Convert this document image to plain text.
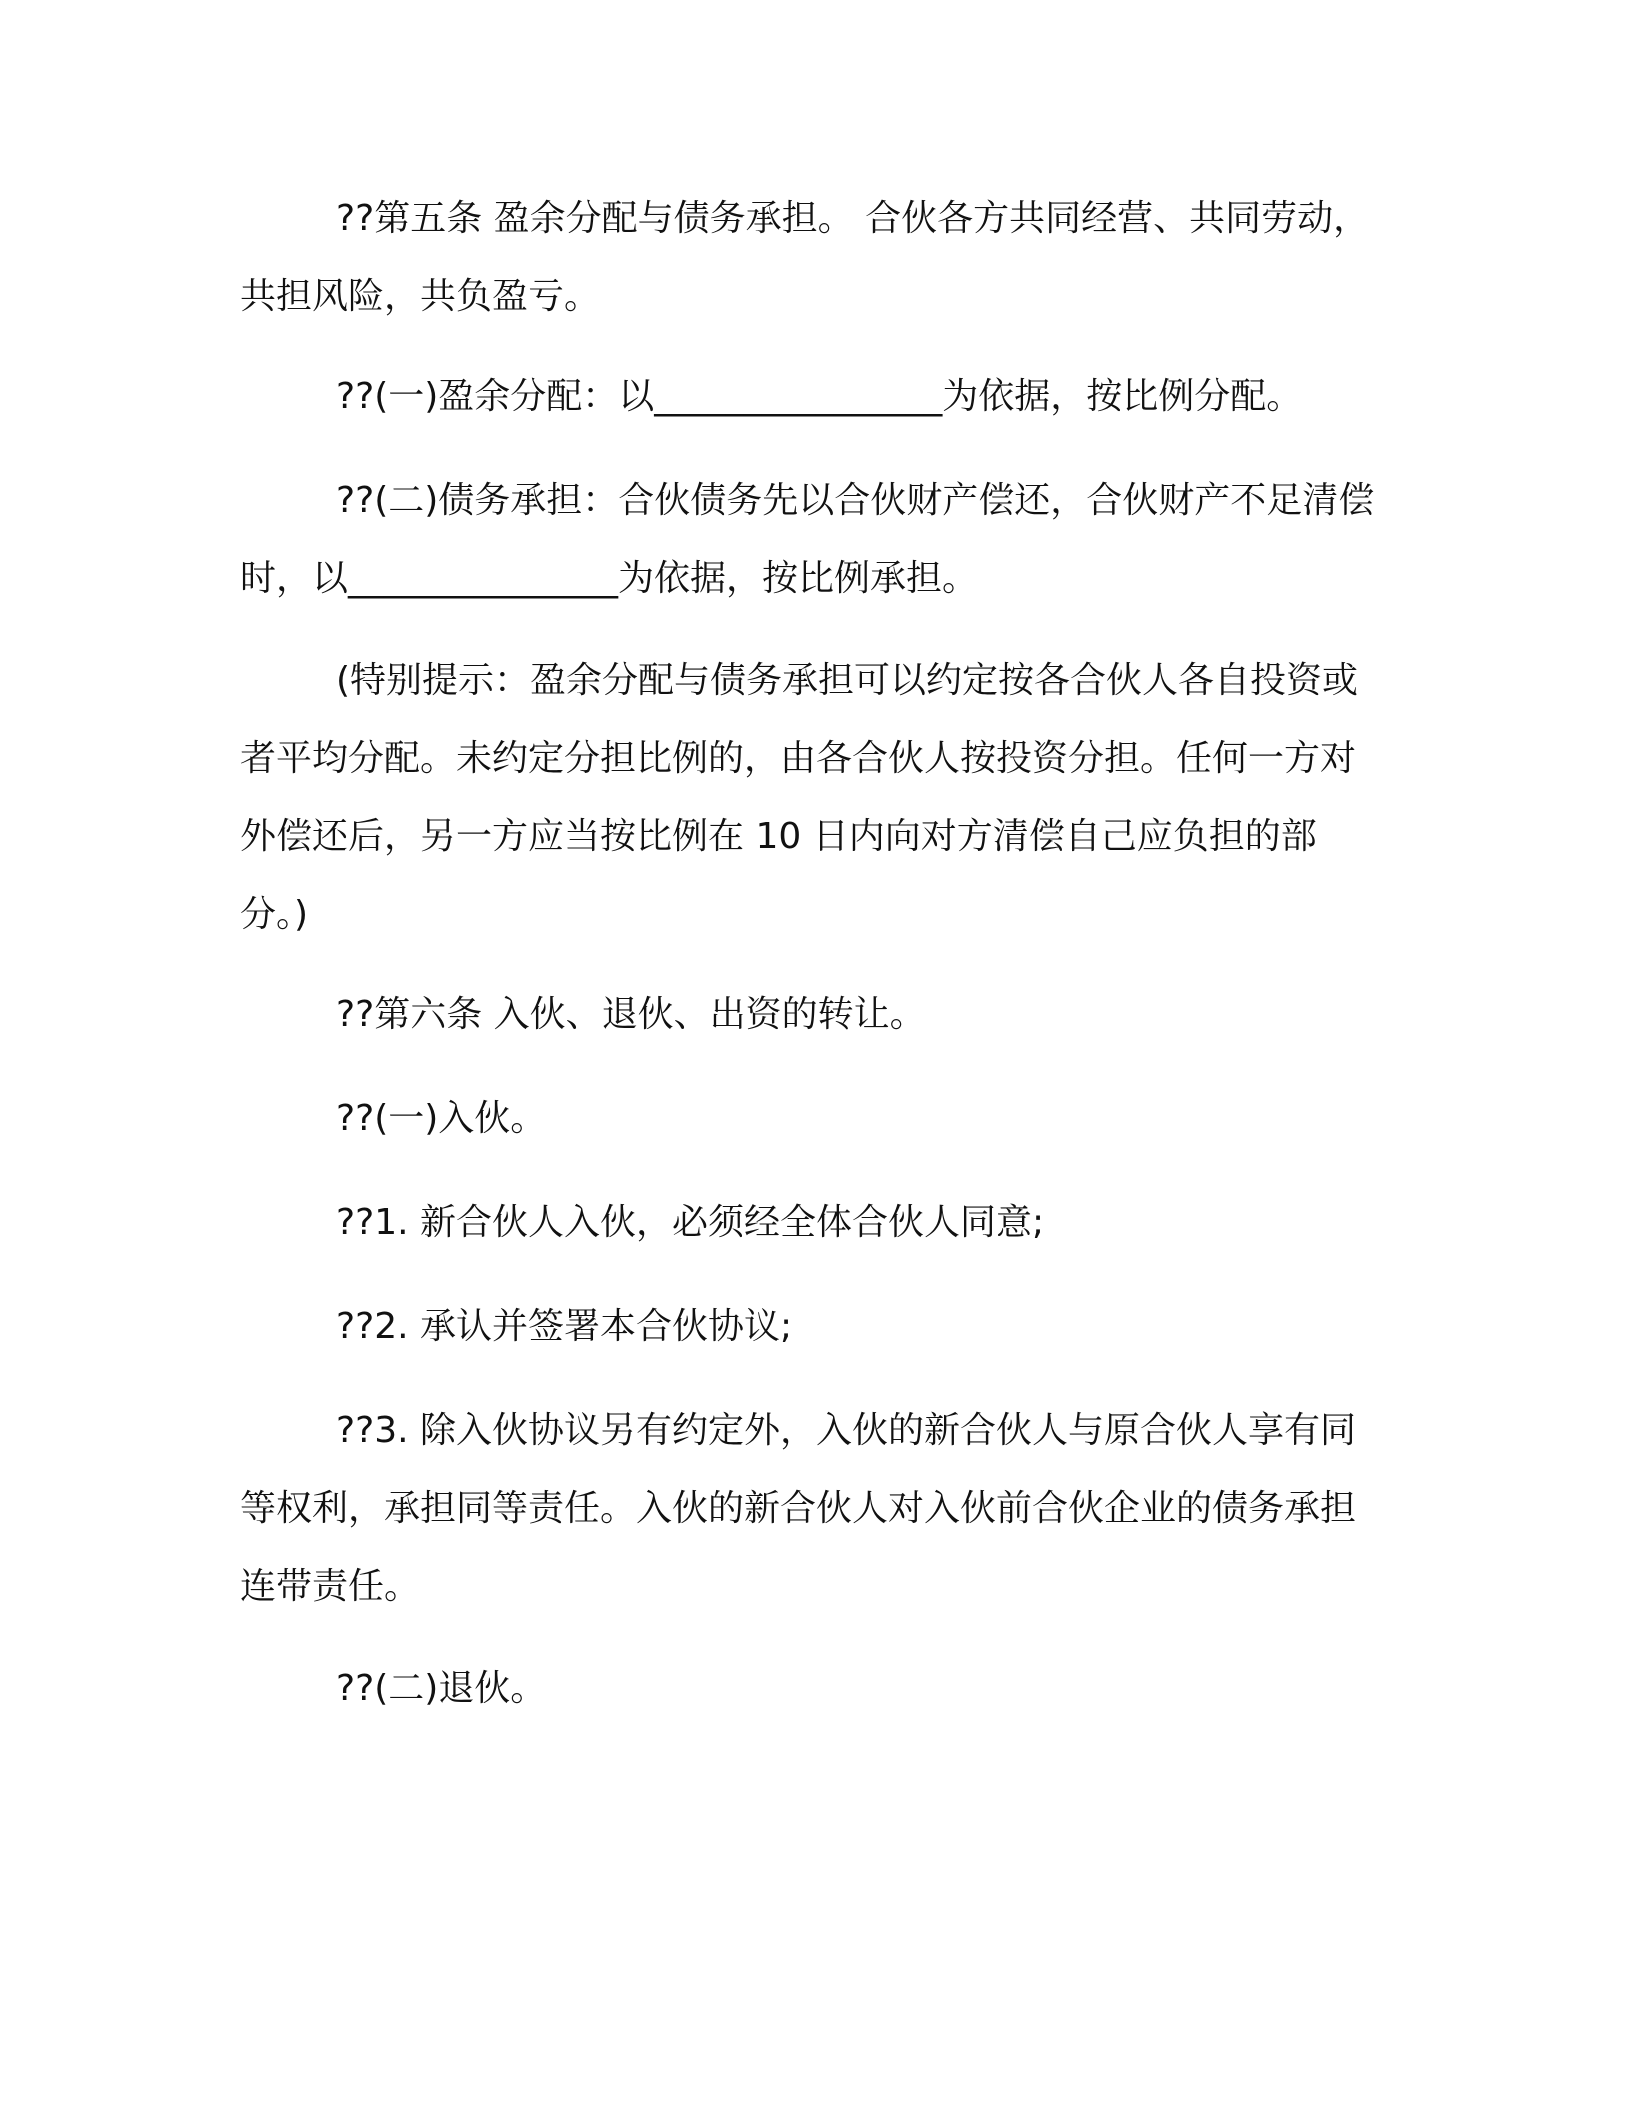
??第五条 盈余分配与债务承担。 合伙各方共同经营、共同劳动，共担风险，共负盈亏。

??(一)盈余分配：以________________为依据，按比例分配。

??(二)债务承担：合伙债务先以合伙财产偿还，合伙财产不足清偿时，以_______________为依据，按比例承担。

(特别提示：盈余分配与债务承担可以约定按各合伙人各自投资或者平均分配。未约定分担比例的，由各合伙人按投资分担。任何一方对外偿还后，另一方应当按比例在 10 日内向对方清偿自己应负担的部分。)

??第六条 入伙、退伙、出资的转让。

??(一)入伙。

??1. 新合伙人入伙，必须经全体合伙人同意;

??2. 承认并签署本合伙协议;

??3. 除入伙协议另有约定外，入伙的新合伙人与原合伙人享有同等权利，承担同等责任。入伙的新合伙人对入伙前合伙企业的债务承担连带责任。

??(二)退伙。
